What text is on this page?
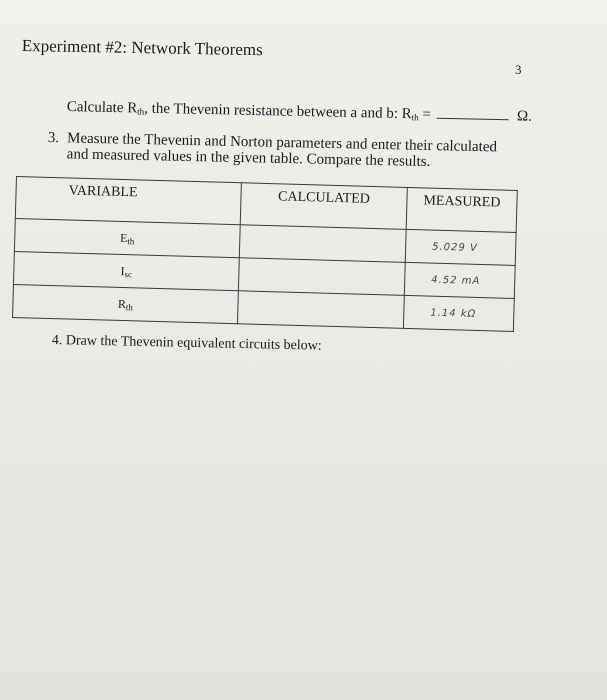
Experiment #2: Network Theorems
3
Calculate $R_{th}$, the Thevenin resistance between a and b: $R_{th}$ =	Ω.
3. Measure the Thevenin and Norton parameters and enter their calculated and measured values in the given table. Compare the results.
VARIABLE	CALCULATED	MEASURED
$E_{th}$		5.029 V
$I_{sc}$		4.52 mA
$R_{th}$		1.14 kΩ
4. Draw the Thevenin equivalent circuits below:
